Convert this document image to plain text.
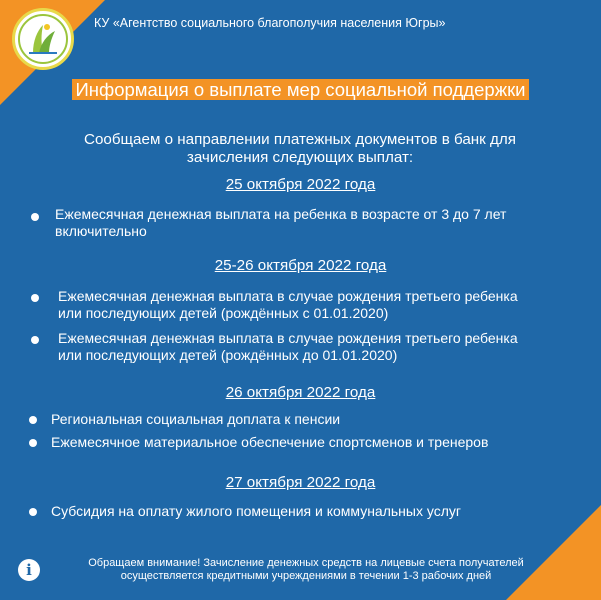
КУ «Агентство социального благополучия населения Югры»
Информация о выплате мер социальной поддержки
Сообщаем о направлении платежных документов в банк для зачисления следующих выплат:
25 октября 2022 года
Ежемесячная денежная выплата на ребенка в возрасте от 3 до 7 лет включительно
25-26 октября 2022 года
Ежемесячная денежная выплата в случае рождения третьего ребенка или последующих детей (рождённых с 01.01.2020)
Ежемесячная денежная выплата в случае рождения третьего ребенка или последующих детей (рождённых до 01.01.2020)
26 октября 2022 года
Региональная социальная доплата к пенсии
Ежемесячное материальное обеспечение спортсменов и тренеров
27 октября 2022 года
Субсидия на оплату жилого помещения и коммунальных услуг
i	Обращаем внимание! Зачисление денежных средств на лицевые счета получателей осуществляется кредитными учреждениями в течении 1-3 рабочих дней
